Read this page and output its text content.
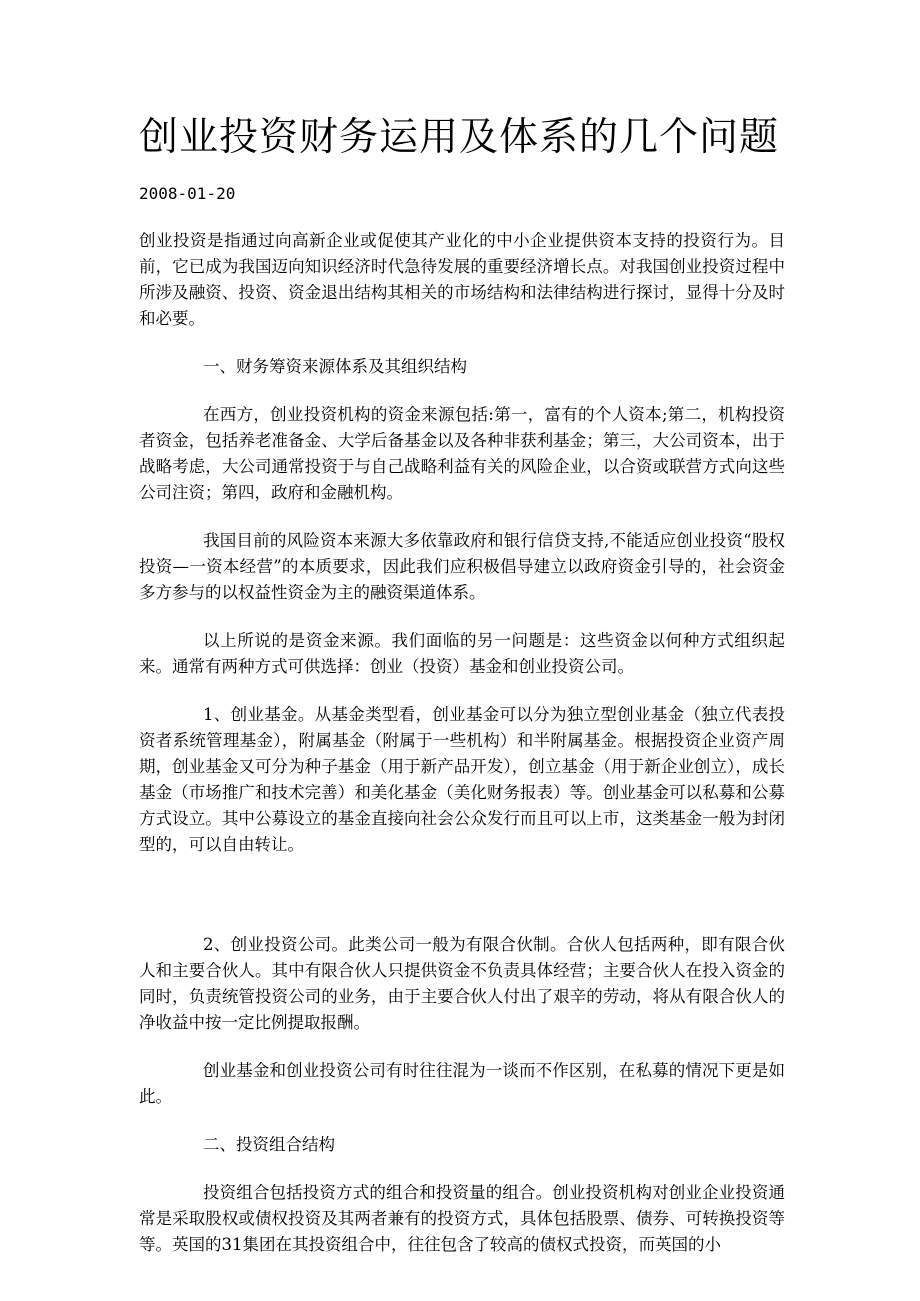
创业投资财务运用及体系的几个问题
2008-01-20

创业投资是指通过向高新企业或促使其产业化的中小企业提供资本支持的投资行为。目前，它已成为我国迈向知识经济时代急待发展的重要经济增长点。对我国创业投资过程中所涉及融资、投资、资金退出结构其相关的市场结构和法律结构进行探讨，显得十分及时和必要。

一、财务筹资来源体系及其组织结构

在西方，创业投资机构的资金来源包括:第一，富有的个人资本;第二，机构投资者资金，包括养老准备金、大学后备基金以及各种非获利基金；第三，大公司资本，出于战略考虑，大公司通常投资于与自己战略利益有关的风险企业，以合资或联营方式向这些公司注资；第四，政府和金融机构。

我国目前的风险资本来源大多依靠政府和银行信贷支持,不能适应创业投资“股权投资—一资本经营”的本质要求，因此我们应积极倡导建立以政府资金引导的，社会资金多方参与的以权益性资金为主的融资渠道体系。

以上所说的是资金来源。我们面临的另一问题是：这些资金以何种方式组织起来。通常有两种方式可供选择：创业（投资）基金和创业投资公司。

1、创业基金。从基金类型看，创业基金可以分为独立型创业基金（独立代表投资者系统管理基金），附属基金（附属于一些机构）和半附属基金。根据投资企业资产周期，创业基金又可分为种子基金（用于新产品开发），创立基金（用于新企业创立），成长基金（市场推广和技术完善）和美化基金（美化财务报表）等。创业基金可以私募和公募方式设立。其中公募设立的基金直接向社会公众发行而且可以上市，这类基金一般为封闭型的，可以自由转让。

2、创业投资公司。此类公司一般为有限合伙制。合伙人包括两种，即有限合伙人和主要合伙人。其中有限合伙人只提供资金不负责具体经营；主要合伙人在投入资金的同时，负责统管投资公司的业务，由于主要合伙人付出了艰辛的劳动，将从有限合伙人的净收益中按一定比例提取报酬。

创业基金和创业投资公司有时往往混为一谈而不作区别，在私募的情况下更是如此。

二、投资组合结构

投资组合包括投资方式的组合和投资量的组合。创业投资机构对创业企业投资通常是采取股权或债权投资及其两者兼有的投资方式，具体包括股票、债券、可转换投资等等。英国的31集团在其投资组合中，往往包含了较高的债权式投资，而英国的小
